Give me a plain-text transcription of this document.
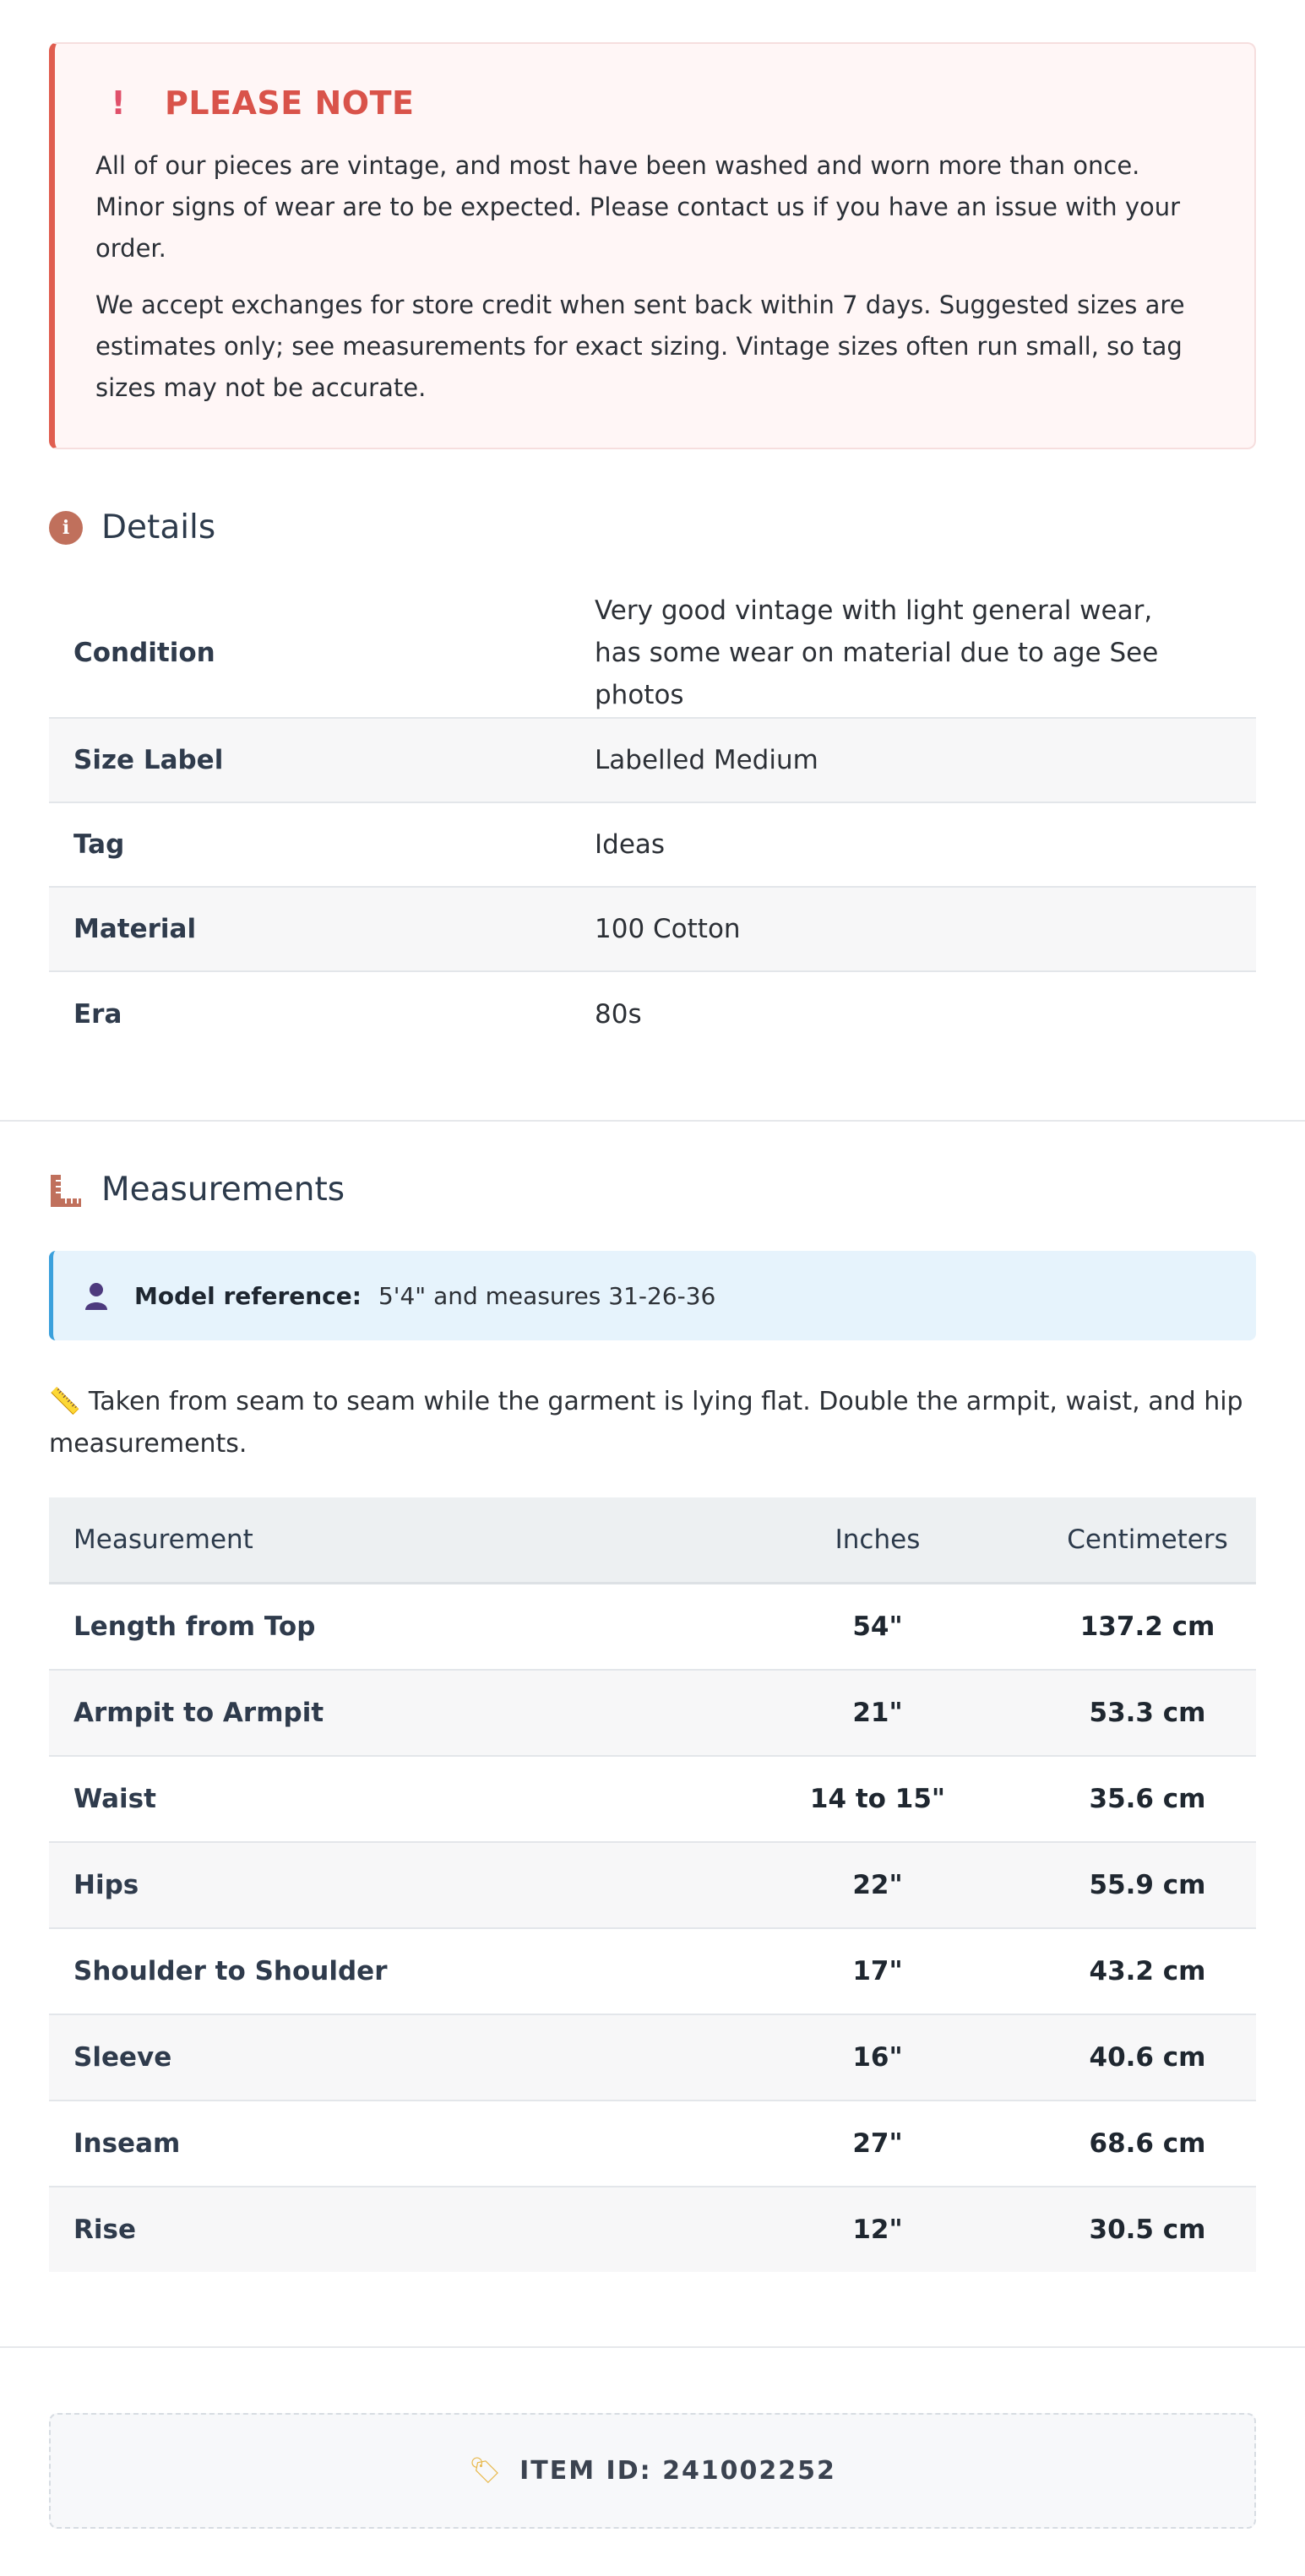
! PLEASE NOTE

All of our pieces are vintage, and most have been washed and worn more than once. Minor signs of wear are to be expected. Please contact us if you have an issue with your order.

We accept exchanges for store credit when sent back within 7 days. Suggested sizes are estimates only; see measurements for exact sizing. Vintage sizes often run small, so tag sizes may not be accurate.

i Details
Condition	Very good vintage with light general wear, has some wear on material due to age See photos
Size Label	Labelled Medium
Tag	Ideas
Material	100 Cotton
Era	80s
Measurements
Model reference: 5'4" and measures 31-26-36
📏 Taken from seam to seam while the garment is lying flat. Double the armpit, waist, and hip measurements.
Measurement	Inches	Centimeters
Length from Top	54"	137.2 cm
Armpit to Armpit	21"	53.3 cm
Waist	14 to 15"	35.6 cm
Hips	22"	55.9 cm
Shoulder to Shoulder	17"	43.2 cm
Sleeve	16"	40.6 cm
Inseam	27"	68.6 cm
Rise	12"	30.5 cm
🏷 ITEM ID: 241002252
